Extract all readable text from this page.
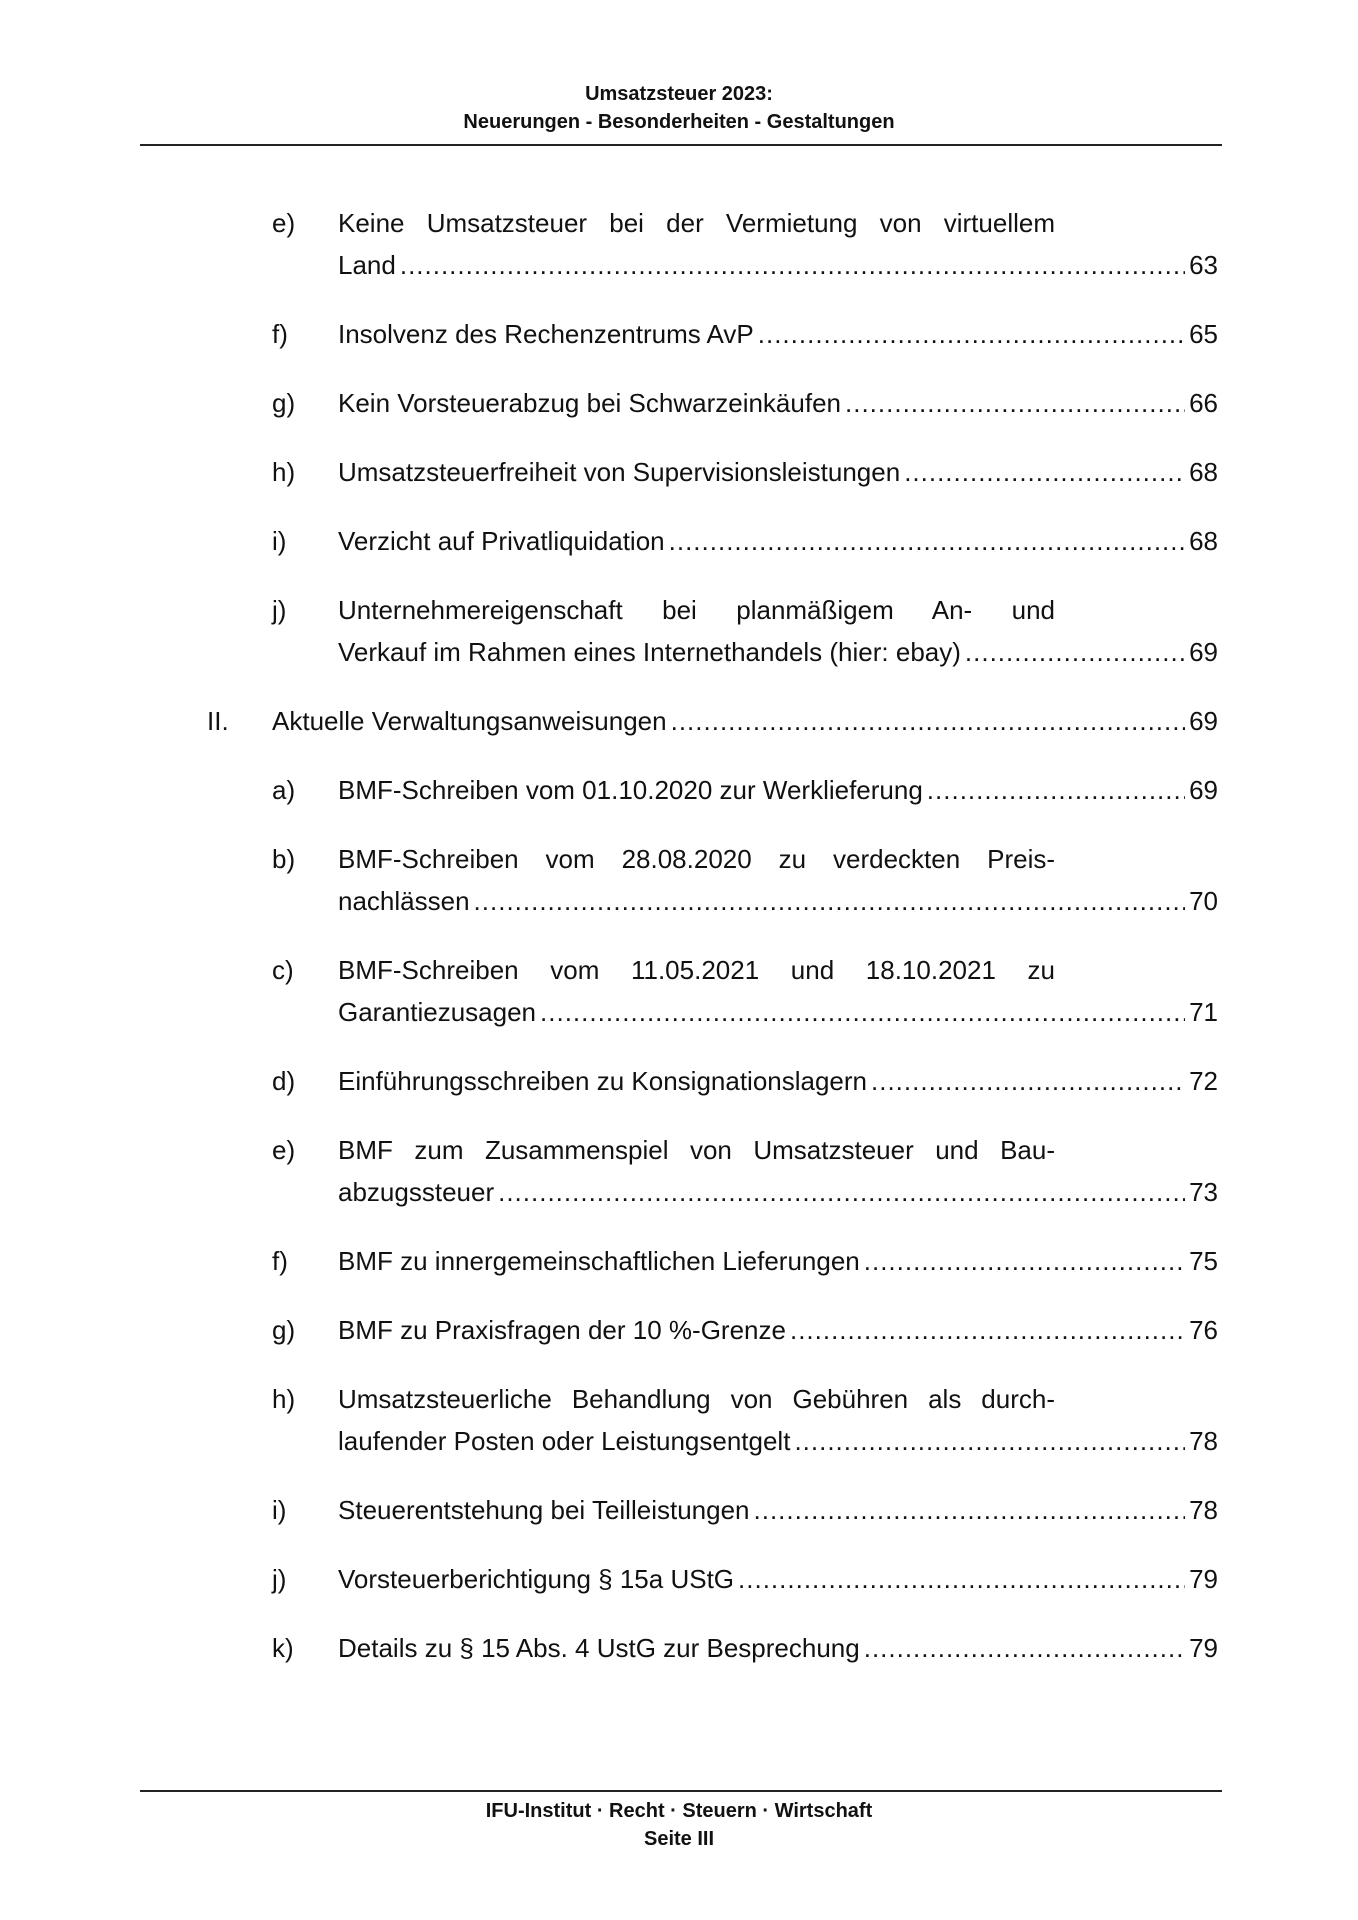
Umsatzsteuer 2023:
Neuerungen - Besonderheiten - Gestaltungen
e) Keine Umsatzsteuer bei der Vermietung von virtuellem
Land .....	63
f) Insolvenz des Rechenzentrums AvP .....	65
g) Kein Vorsteuerabzug bei Schwarzeinkäufen .....	66
h) Umsatzsteuerfreiheit von Supervisionsleistungen .....	68
i) Verzicht auf Privatliquidation .....	68
j) Unternehmereigenschaft bei planmäßigem An- und
Verkauf im Rahmen eines Internethandels (hier: ebay) .....	69
II. Aktuelle Verwaltungsanweisungen .....	69
a) BMF-Schreiben vom 01.10.2020 zur Werklieferung .....	69
b) BMF-Schreiben vom 28.08.2020 zu verdeckten Preis-
nachlässen .....	70
c) BMF-Schreiben vom 11.05.2021 und 18.10.2021 zu
Garantiezusagen .....	71
d) Einführungsschreiben zu Konsignationslagern .....	72
e) BMF zum Zusammenspiel von Umsatzsteuer und Bau-
abzugssteuer .....	73
f) BMF zu innergemeinschaftlichen Lieferungen .....	75
g) BMF zu Praxisfragen der 10 %-Grenze .....	76
h) Umsatzsteuerliche Behandlung von Gebühren als durch-
laufender Posten oder Leistungsentgelt .....	78
i) Steuerentstehung bei Teilleistungen .....	78
j) Vorsteuerberichtigung § 15a UStG .....	79
k) Details zu § 15 Abs. 4 UstG zur Besprechung .....	79
IFU-Institut · Recht · Steuern · Wirtschaft
Seite III
